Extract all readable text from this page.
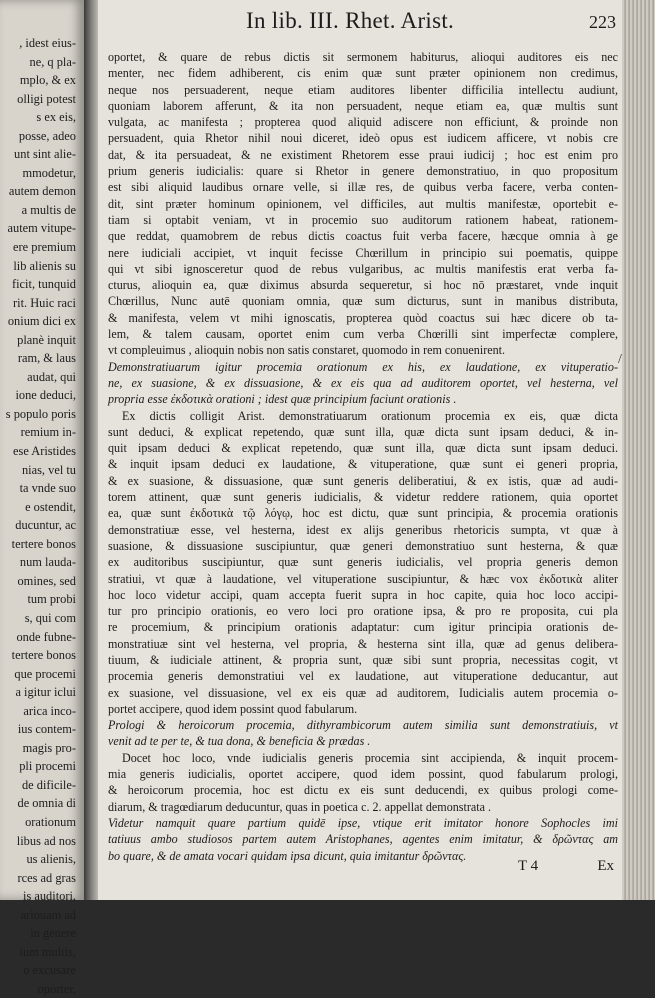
, idest eius-
ne, q pla-
mplo, & ex
olligi potest
s ex eis,
posse, adeo
unt sint alie-
mmodetur,
autem demon
a multis de
autem vitupe-
ere premium
lib alienis su
ficit, tunquid
rit. Huic raci
onium dici ex
planè inquit
ram, & laus
audat, qui
ione deduci,
s populo poris
remium in-
ese Aristides
nias, vel tu
ta vnde suo
e ostendit,
ducuntur, ac
tertere bonos
num lauda-
omines, sed
tum probi
s, qui com
onde fubne-
tertere bonos
que procemi
a igitur iclui
arica inco-
ius contem-
magis pro-
pli procemi
de dificile-
de omnia di
orationum
libus ad nos
us alienis,
rces ad gras
is auditori,
ariouam ad
in genere
ium multis,
o excusare
oporter,
In lib. III. Rhet. Arist.	223
oportet, & quare de rebus dictis sit sermonem habiturus, alioqui auditores eis nec
menter, nec fidem adhiberent, cis enim quæ sunt præter opinionem non credimus,
neque nos persuaderent, neque etiam auditores libenter difficilia intellectu audiunt,
quoniam laborem afferunt, & ita non persuadent, neque etiam ea, quæ multis sunt
vulgata, ac manifesta ; propterea quod aliquid adiscere non efficiunt, & proinde non
persuadent, quia Rhetor nihil noui diceret, ideò opus est iudicem afficere, vt nobis cre
dat, & ita persuadeat, & ne existiment Rhetorem esse praui iudicij ; hoc est enim pro
prium generis iudicialis: quare si Rhetor in genere demonstratiuo, in quo propositum
est sibi aliquid laudibus ornare velle, si illæ res, de quibus verba facere, verba conten-
dit, sint præter hominum opinionem, vel difficiles, aut multis manifestæ, oportebit e-
tiam si optabit veniam, vt in procemio suo auditorum rationem habeat, rationem-
que reddat, quamobrem de rebus dictis coactus fuit verba facere, hæcque omnia à ge
nere iudiciali accipiet, vt inquit fecisse Chœrillum in principio sui poematis, quippe
qui vt sibi ignosceretur quod de rebus vulgaribus, ac multis manifestis erat verba fa-
cturus, alioquin ea, quæ diximus absurda sequeretur, si hoc nō præstaret, vnde inquit
Chœrillus, Nunc autē quoniam omnia, quæ sum dicturus, sunt in manibus distributa,
& manifesta, velem vt mihi ignoscatis, propterea quòd coactus sui hæc dicere ob ta-
lem, & talem causam, oportet enim cum verba Chœrilli sint imperfectæ complere,
vt compleuimus , alioquin nobis non satis constaret, quomodo in rem conuenirent.
Demonstratiuarum igitur procemia orationum ex his, ex laudatione, ex vituperatio-
ne, ex suasione, & ex dissuasione, & ex eis qua ad auditorem oportet, vel hesterna, vel
propria esse ἐκδοτικὰ orationi ; idest quæ principium faciunt orationis .
Ex dictis colligit Arist. demonstratiuarum orationum procemia ex eis, quæ dicta
sunt deduci, & explicat repetendo, quæ sunt illa, quæ dicta sunt ipsam deduci, & in-
quit ipsam deduci & explicat repetendo, quæ sunt illa, quæ dicta sunt ipsam deduci.
& inquit ipsam deduci ex laudatione, & vituperatione, quæ sunt ei generi propria,
& ex suasione, & dissuasione, quæ sunt generis deliberatiui, & ex istis, quæ ad audi-
torem attinent, quæ sunt generis iudicialis, & videtur reddere rationem, quia oportet
ea, quæ sunt ἐκδοτικὰ τῷ λόγῳ, hoc est dictu, quæ sunt principia, & procemia orationis
demonstratiuæ esse, vel hesterna, idest ex alijs generibus rhetoricis sumpta, vt quæ à
suasione, & dissuasione suscipiuntur, quæ generi demonstratiuo sunt hesterna, & quæ
ex auditoribus suscipiuntur, quæ sunt generis iudicialis, vel propria generis demon
stratiui, vt quæ à laudatione, vel vituperatione suscipiuntur, & hæc vox ἐκδοτικὰ aliter
hoc loco videtur accipi, quam accepta fuerit supra in hoc capite, quia hoc loco accipi-
tur pro principio orationis, eo vero loci pro oratione ipsa, & pro re proposita, cui pla
re procemium, & principium orationis adaptatur: cum igitur principia orationis de-
monstratiuæ sint vel hesterna, vel propria, & hesterna sint illa, quæ ad genus delibera-
tiuum, & iudiciale attinent, & propria sunt, quæ sibi sunt propria, necessitas cogit, vt
procemia generis demonstratiui vel ex laudatione, aut vituperatione deducantur, aut
ex suasione, vel dissuasione, vel ex eis quæ ad auditorem, Iudicialis autem procemia o-
portet accipere, quod idem possint quod fabularum.
Prologi & heroicorum procemia, dithyrambicorum autem similia sunt demonstratiuis, vt
venit ad te per te, & tua dona, & beneficia & prædas .
Docet hoc loco, vnde iudicialis generis procemia sint accipienda, & inquit procem-
mia generis iudicialis, oportet accipere, quod idem possint, quod fabularum prologi,
& heroicorum procemia, hoc est dictu ex eis sunt deducendi, ex quibus prologi come-
diarum, & tragœdiarum deducuntur, quas in poetica c. 2. appellat demonstrata .
Videtur namquit quare partium quidē ipse, vtique erit imitator honore Sophocles imi
tatiuus ambo studiosos partem autem Aristophanes, agentes enim imitatur, & δρῶντας am
bo quare, & de amata vocari quidam ipsa dicunt, quia imitantur δρῶντας.
/
T 4	Ex
